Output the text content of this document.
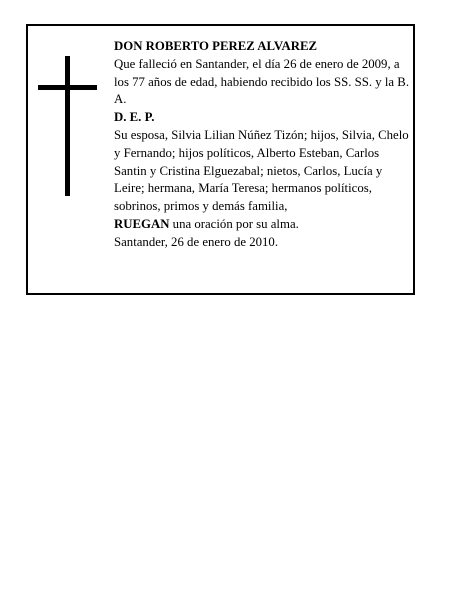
DON ROBERTO PEREZ ALVAREZ

Que falleció en Santander, el día 26 de enero de 2009, a los 77 años de edad, habiendo recibido los SS. SS. y la B. A.

D. E. P.

Su esposa, Silvia Lilian Núñez Tizón; hijos, Silvia, Chelo y Fernando; hijos políticos, Alberto Esteban, Carlos Santin y Cristina Elguezabal; nietos, Carlos, Lucía y Leire; hermana, María Teresa; hermanos políticos, sobrinos, primos y demás familia,

RUEGAN una oración por su alma.

Santander, 26 de enero de 2010.
